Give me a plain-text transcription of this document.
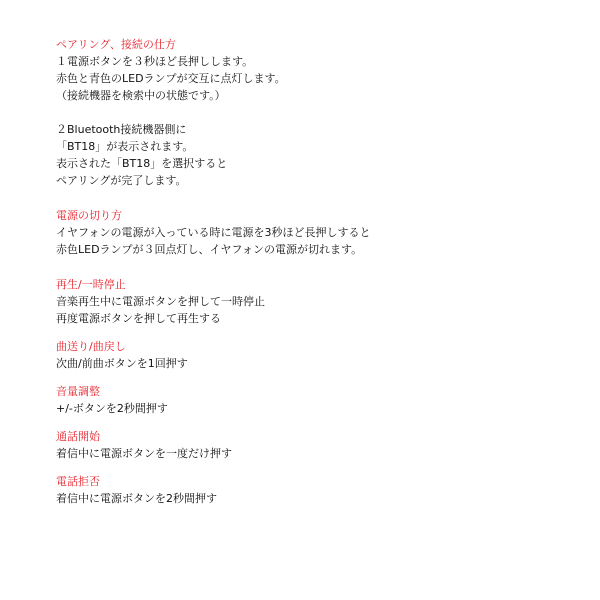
ペアリング、接続の仕方
１電源ボタンを３秒ほど長押しします。
赤色と青色のLEDランプが交互に点灯します。
（接続機器を検索中の状態です。）
２Bluetooth接続機器側に
「BT18」が表示されます。
表示された「BT18」を選択すると
ペアリングが完了します。
電源の切り方
イヤフォンの電源が入っている時に電源を3秒ほど長押しすると
赤色LEDランプが３回点灯し、イヤフォンの電源が切れます。
再生/一時停止
音楽再生中に電源ボタンを押して一時停止
再度電源ボタンを押して再生する
曲送り/曲戻し
次曲/前曲ボタンを1回押す
音量調整
+/-ボタンを2秒間押す
通話開始
着信中に電源ボタンを一度だけ押す
電話拒否
着信中に電源ボタンを2秒間押す
